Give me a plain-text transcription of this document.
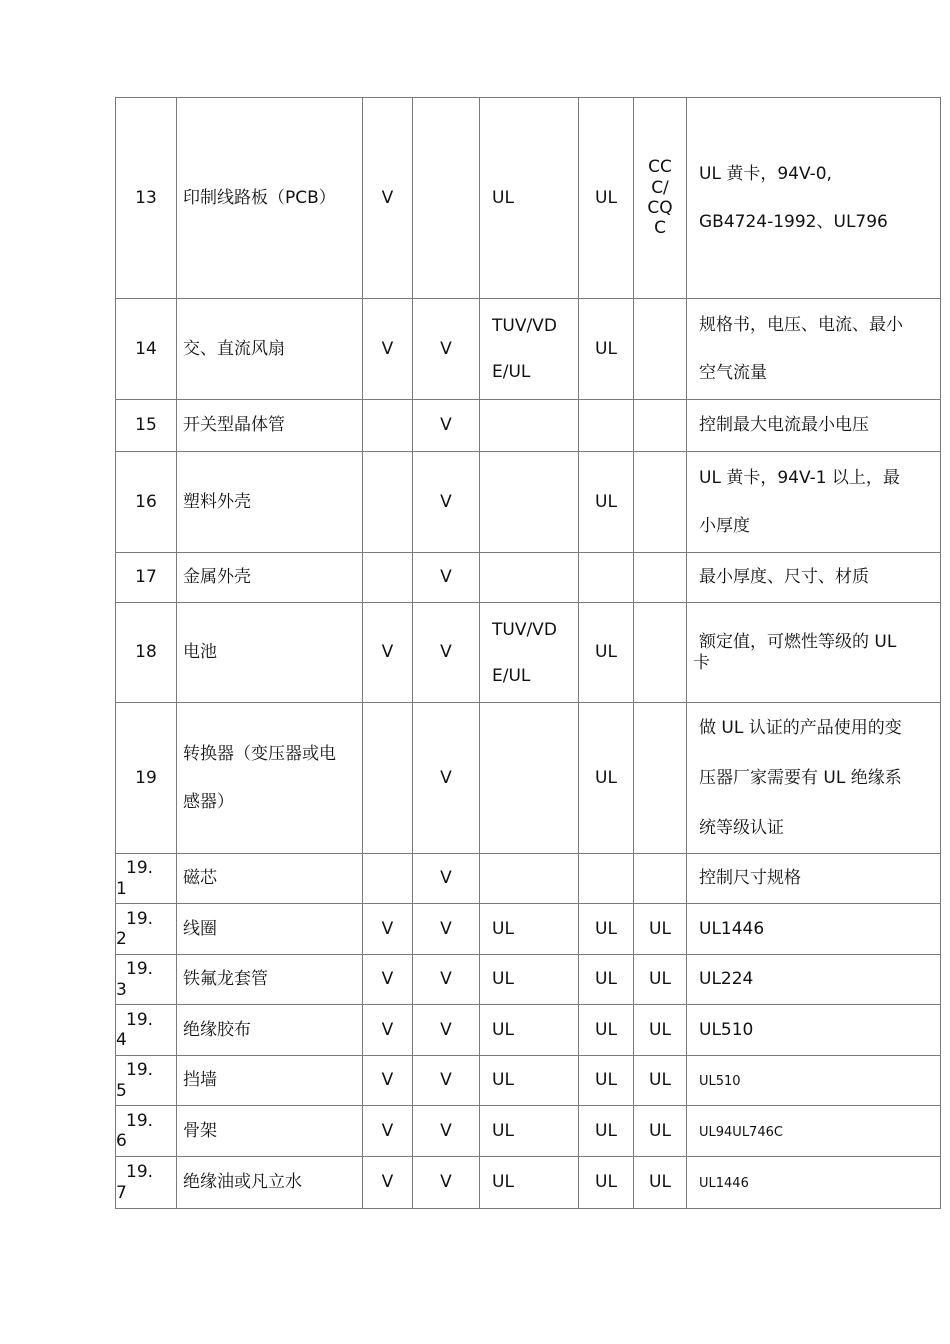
13	印制线路板（PCB）	V		UL	UL	CC
C/
CQ
C	UL 黄卡，94V-0,
GB4724-1992、UL796

14	交、直流风扇	V	V	TUV/VD
E/UL	UL		规格书，电压、电流、最小
空气流量

15	开关型晶体管		V				控制最大电流最小电压
16	塑料外壳		V		UL		UL 黄卡，94V-1 以上，最
小厚度

17	金属外壳		V				最小厚度、尺寸、材质
18	电池	V	V	TUV/VD
E/UL	UL		额定值，可燃性等级的 UL
卡
19	转换器（变压器或电
感器）		V		UL		做 UL 认证的产品使用的变
压器厂家需要有 UL 绝缘系
统等级认证

19.
1	磁芯		V				控制尺寸规格

19.
2	线圈	V	V	UL	UL	UL	UL1446

19.
3	铁氟龙套管	V	V	UL	UL	UL	UL224

19.
4	绝缘胶布	V	V	UL	UL	UL	UL510

19.
5	挡墙	V	V	UL	UL	UL	UL510

19.
6	骨架	V	V	UL	UL	UL	UL94UL746C

19.
7	绝缘油或凡立水	V	V	UL	UL	UL	UL1446
